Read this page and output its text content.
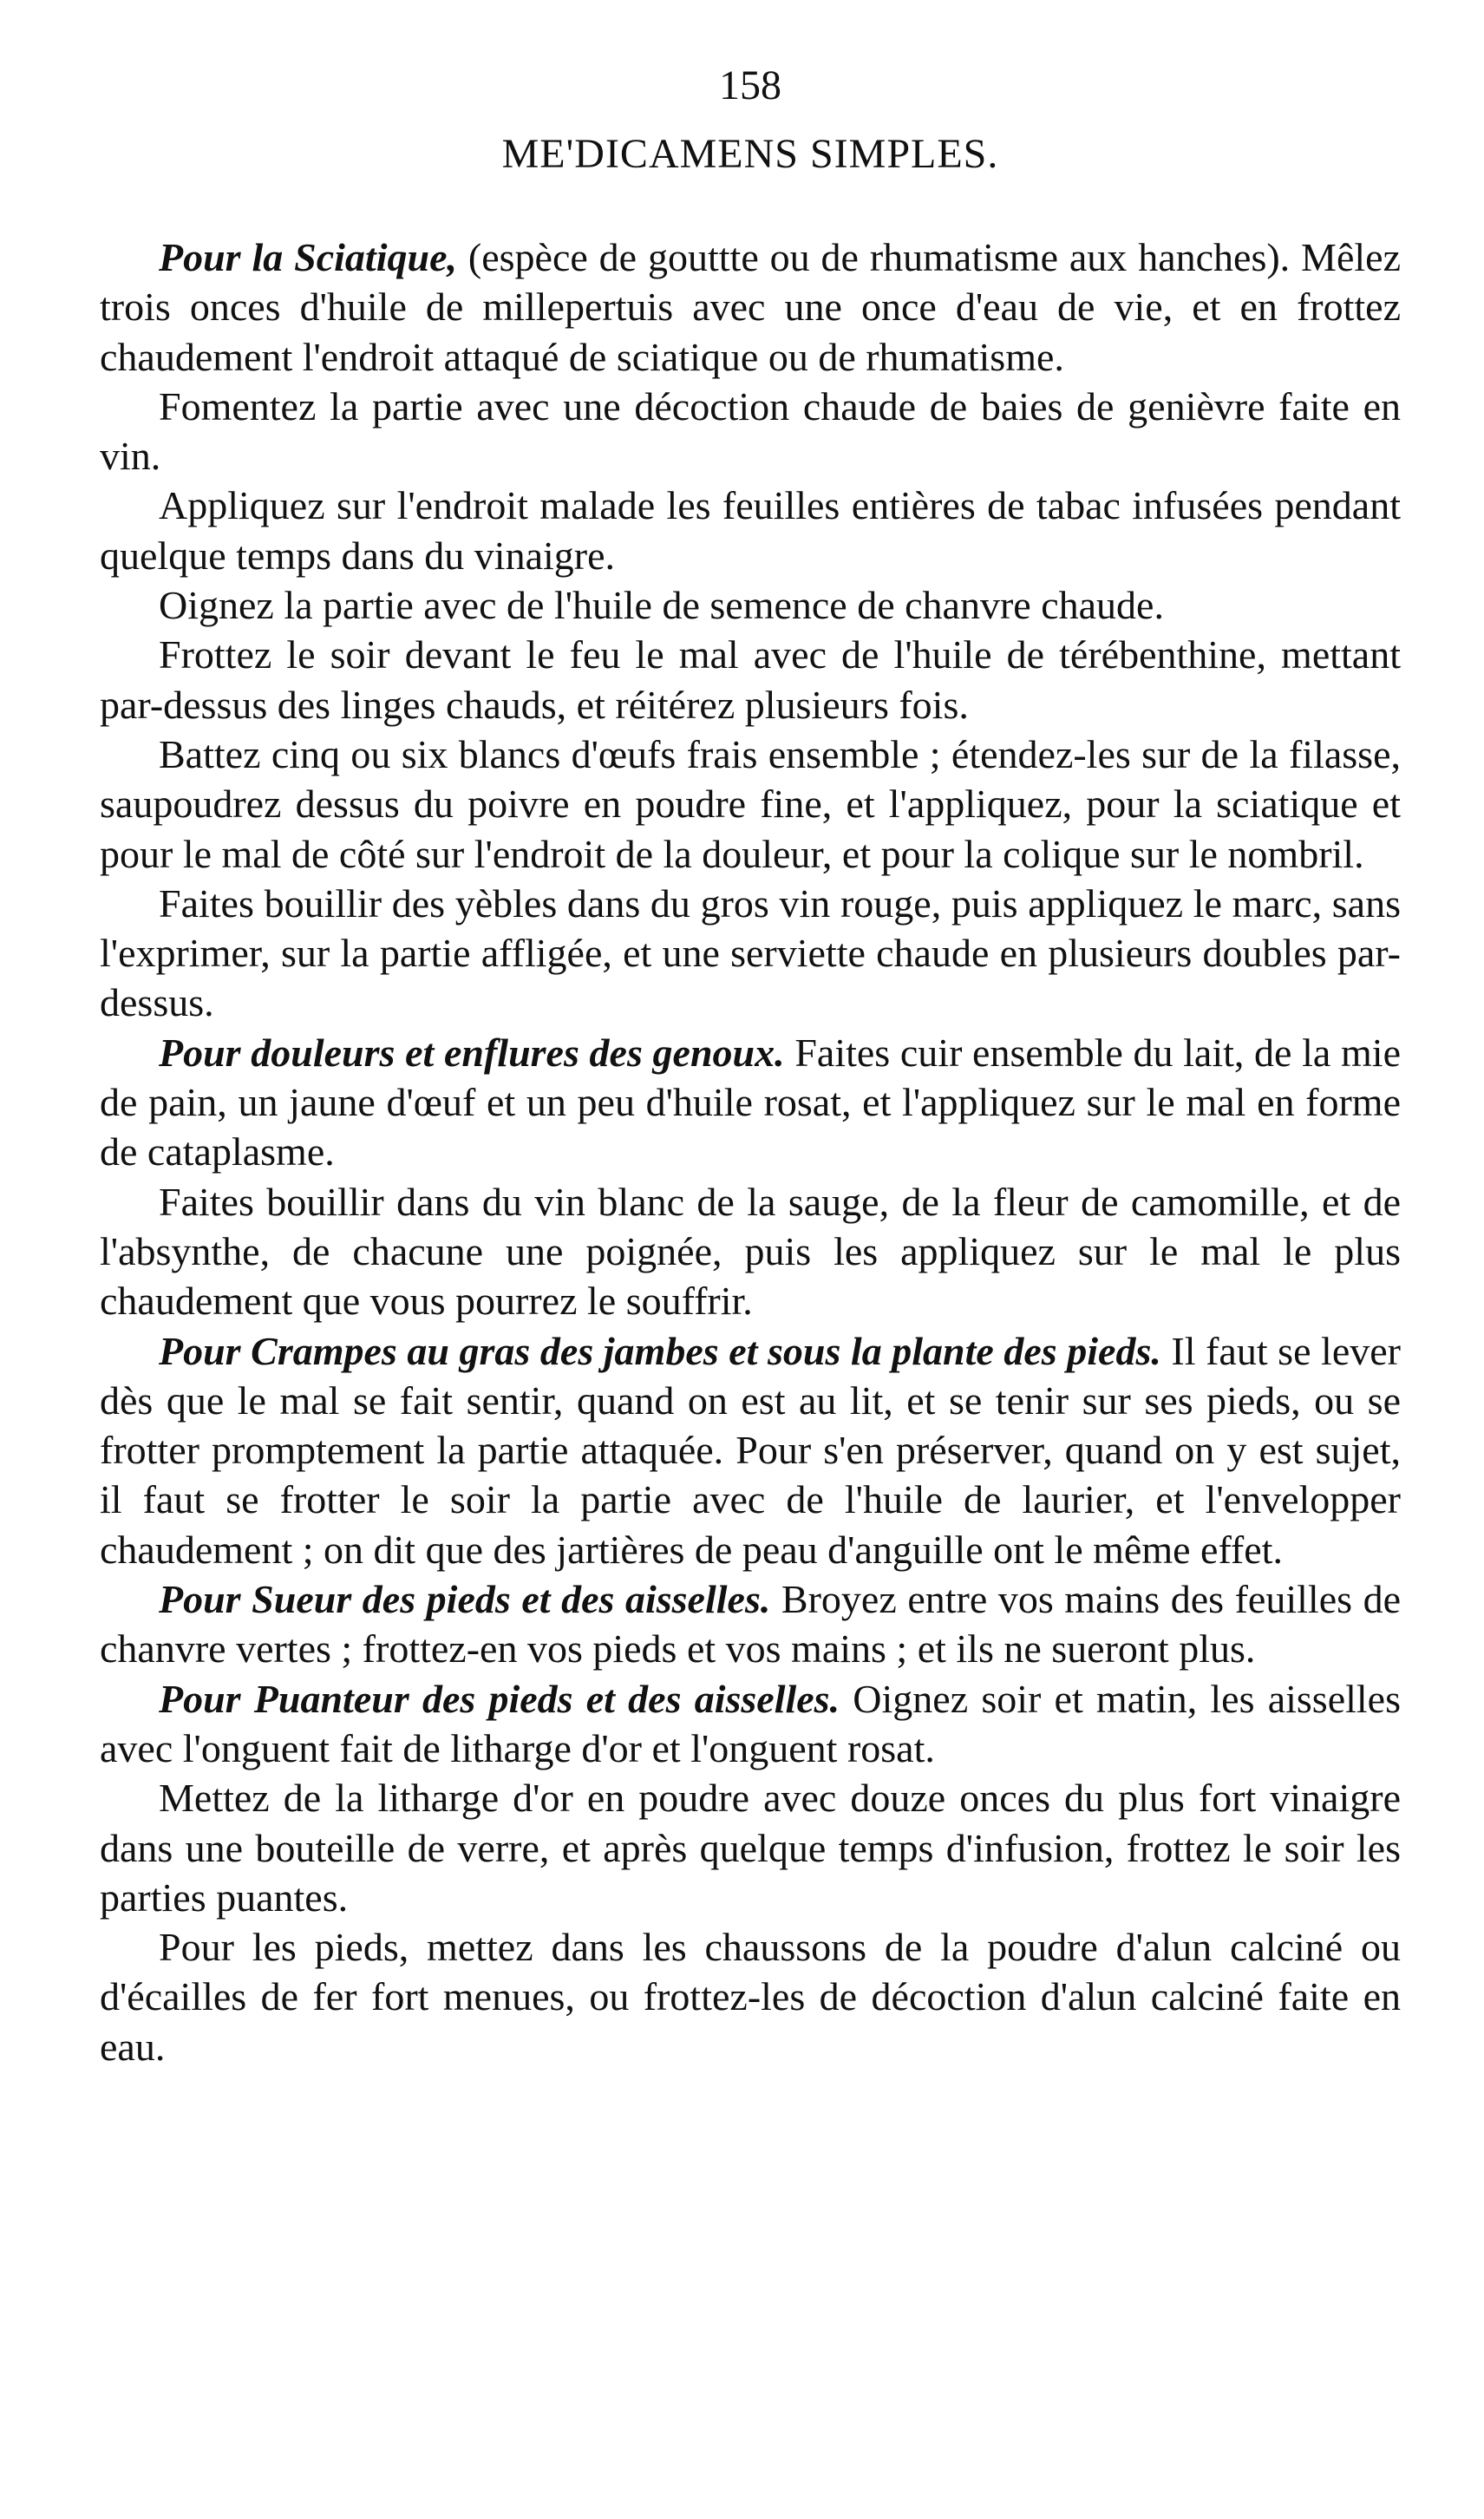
158
ME'DICAMENS SIMPLES.

Pour la Sciatique, (espèce de gouttte ou de rhumatisme aux hanches). Mêlez trois onces d'huile de millepertuis avec une once d'eau de vie, et en frottez chaudement l'endroit attaqué de sciatique ou de rhumatisme.

Fomentez la partie avec une décoction chaude de baies de genièvre faite en vin.

Appliquez sur l'endroit malade les feuilles entières de tabac infusées pendant quelque temps dans du vinaigre.

Oignez la partie avec de l'huile de semence de chanvre chaude.

Frottez le soir devant le feu le mal avec de l'huile de térébenthine, mettant par-dessus des linges chauds, et réitérez plusieurs fois.

Battez cinq ou six blancs d'œufs frais ensemble ; étendez-les sur de la filasse, saupoudrez dessus du poivre en poudre fine, et l'appliquez, pour la sciatique et pour le mal de côté sur l'endroit de la douleur, et pour la colique sur le nombril.

Faites bouillir des yèbles dans du gros vin rouge, puis appliquez le marc, sans l'exprimer, sur la partie affligée, et une serviette chaude en plusieurs doubles par-dessus.

Pour douleurs et enflures des genoux. Faites cuir ensemble du lait, de la mie de pain, un jaune d'œuf et un peu d'huile rosat, et l'appliquez sur le mal en forme de cataplasme.

Faites bouillir dans du vin blanc de la sauge, de la fleur de camomille, et de l'absynthe, de chacune une poignée, puis les appliquez sur le mal le plus chaudement que vous pourrez le souffrir.

Pour Crampes au gras des jambes et sous la plante des pieds. Il faut se lever dès que le mal se fait sentir, quand on est au lit, et se tenir sur ses pieds, ou se frotter promptement la partie attaquée. Pour s'en préserver, quand on y est sujet, il faut se frotter le soir la partie avec de l'huile de laurier, et l'envelopper chaudement ; on dit que des jartières de peau d'anguille ont le même effet.

Pour Sueur des pieds et des aisselles. Broyez entre vos mains des feuilles de chanvre vertes ; frottez-en vos pieds et vos mains ; et ils ne sueront plus.

Pour Puanteur des pieds et des aisselles. Oignez soir et matin, les aisselles avec l'onguent fait de litharge d'or et l'onguent rosat.

Mettez de la litharge d'or en poudre avec douze onces du plus fort vinaigre dans une bouteille de verre, et après quelque temps d'infusion, frottez le soir les parties puantes.

Pour les pieds, mettez dans les chaussons de la poudre d'alun calciné ou d'écailles de fer fort menues, ou frottez-les de décoction d'alun calciné faite en eau.
